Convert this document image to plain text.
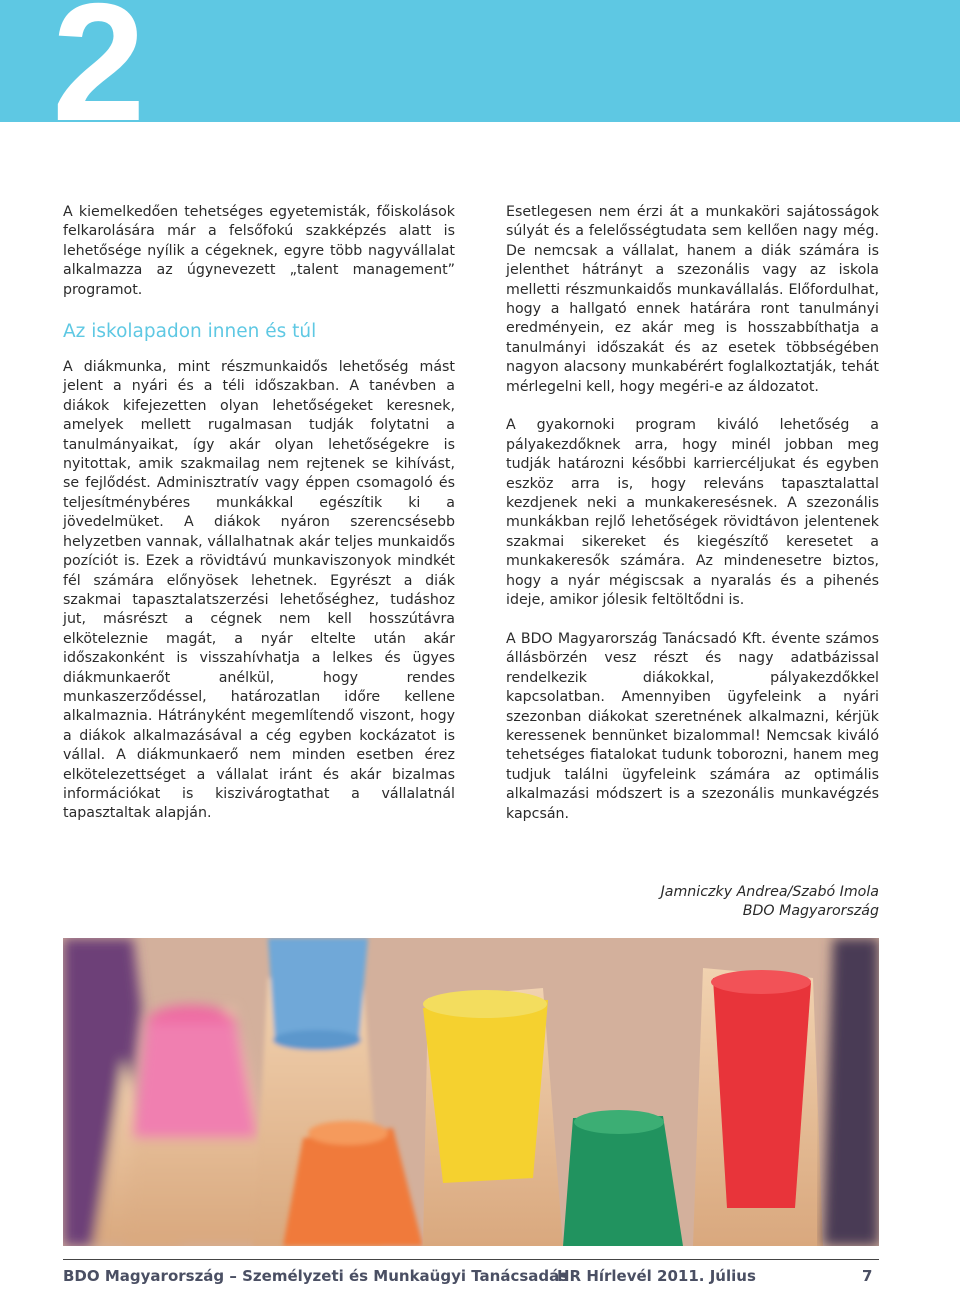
2

A kiemelkedően tehetséges egyetemisták, főiskolások felkarolására már a felsőfokú szakképzés alatt is lehetősége nyílik a cégeknek, egyre több nagyvállalat alkalmazza az úgynevezett „talent management” programot.

Az iskolapadon innen és túl

A diákmunka, mint részmunkaidős lehetőség mást jelent a nyári és a téli időszakban. A tanévben a diákok kifejezetten olyan lehetőségeket keresnek, amelyek mellett rugalmasan tudják folytatni a tanulmányaikat, így akár olyan lehetőségekre is nyitottak, amik szakmailag nem rejtenek se kihívást, se fejlődést. Adminisztratív vagy éppen csomagoló és teljesítménybéres munkákkal egészítik ki a jövedelmüket. A diákok nyáron szerencsésebb helyzetben vannak, vállalhatnak akár teljes munkaidős pozíciót is. Ezek a rövidtávú munkaviszonyok mindkét fél számára előnyösek lehetnek. Egyrészt a diák szakmai tapasztalatszerzési lehetőséghez, tudáshoz jut, másrészt a cégnek nem kell hosszútávra elköteleznie magát, a nyár eltelte után akár időszakonként is visszahívhatja a lelkes és ügyes diákmunkaerőt anélkül, hogy rendes munkaszerződéssel, határozatlan időre kellene alkalmaznia. Hátrányként megemlítendő viszont, hogy a diákok alkalmazásával a cég egyben kockázatot is vállal. A diákmunkaerő nem minden esetben érez elkötelezettséget a vállalat iránt és akár bizalmas információkat is kiszivárogtathat a vállalatnál tapasztaltak alapján.

Esetlegesen nem érzi át a munkaköri sajátosságok súlyát és a felelősségtudata sem kellően nagy még. De nemcsak a vállalat, hanem a diák számára is jelenthet hátrányt a szezonális vagy az iskola melletti részmunkaidős munkavállalás. Előfordulhat, hogy a hallgató ennek határára ront tanulmányi eredményein, ez akár meg is hosszabbíthatja a tanulmányi időszakát és az esetek többségében nagyon alacsony munkabérért foglalkoztatják, tehát mérlegelni kell, hogy megéri-e az áldozatot.

A gyakornoki program kiváló lehetőség a pályakezdőknek arra, hogy minél jobban meg tudják határozni későbbi karriercéljukat és egyben eszköz arra is, hogy releváns tapasztalattal kezdjenek neki a munkakeresésnek. A szezonális munkákban rejlő lehetőségek rövidtávon jelentenek szakmai sikereket és kiegészítő keresetet a munkakeresők számára. Az mindenesetre biztos, hogy a nyár mégiscsak a nyaralás és a pihenés ideje, amikor jólesik feltöltődni is.

A BDO Magyarország Tanácsadó Kft. évente számos állásbörzén vesz részt és nagy adatbázissal rendelkezik diákokkal, pályakezdőkkel kapcsolatban. Amennyiben ügyfeleink a nyári szezonban diákokat szeretnének alkalmazni, kérjük keressenek bennünket bizalommal! Nemcsak kiváló tehetséges fiatalokat tudunk toborozni, hanem meg tudjuk találni ügyfeleink számára az optimális alkalmazási módszert is a szezonális munkavégzés kapcsán.

Jamniczky Andrea/Szabó Imola
BDO Magyarország
BDO Magyarország – Személyzeti és Munkaügyi Tanácsadás
HR Hírlevél 2011. Július	7
